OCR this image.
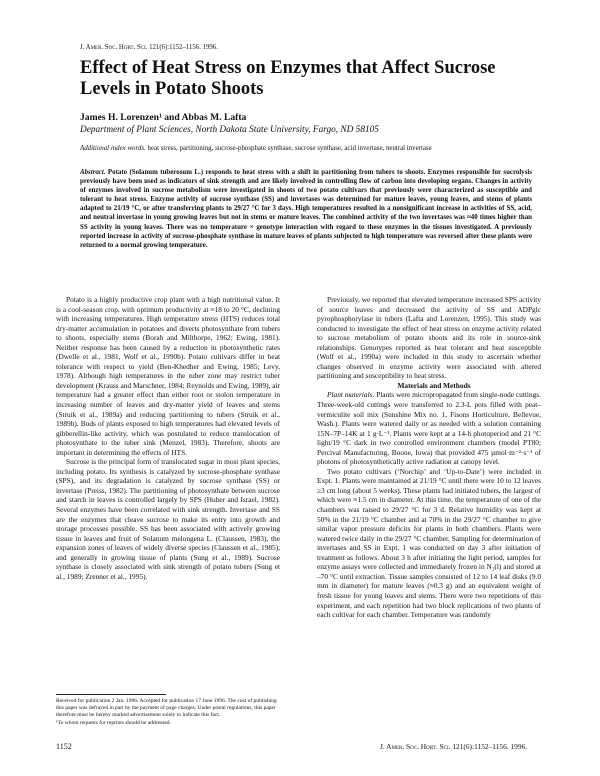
J. Amer. Soc. Hort. Sci. 121(6):1152–1156. 1996.
Effect of Heat Stress on Enzymes that Affect Sucrose Levels in Potato Shoots
James H. Lorenzen¹ and Abbas M. Lafta
Department of Plant Sciences, North Dakota State University, Fargo, ND 58105
Additional index words. heat stress, partitioning, sucrose-phosphate synthase, sucrose synthase, acid invertase, neutral invertase
Abstract. Potato (Solanum tuberosum L.) responds to heat stress with a shift in partitioning from tubers to shoots. Enzymes responsible for sucrolysis previously have been used as indicators of sink strength and are likely involved in controlling flow of carbon into developing organs. Changes in activity of enzymes involved in sucrose metabolism were investigated in shoots of two potato cultivars that previously were characterized as susceptible and tolerant to heat stress. Enzyme activity of sucrose synthase (SS) and invertases was determined for mature leaves, young leaves, and stems of plants adapted to 21/19 °C, or after transferring plants to 29/27 °C for 3 days. High temperatures resulted in a nonsignificant increase in activities of SS, acid, and neutral invertase in young growing leaves but not in stems or mature leaves. The combined activity of the two invertases was ≈40 times higher than SS activity in young leaves. There was no temperature × genotype interaction with regard to these enzymes in the tissues investigated. A previously reported increase in activity of sucrose-phosphate synthase in mature leaves of plants subjected to high temperature was reversed after these plants were returned to a normal growing temperature.

Potato is a highly productive crop plant with a high nutritional value. It is a cool-season crop, with optimum productivity at ≈18 to 20 °C, declining with increasing temperatures. High temperature stress (HTS) reduces total dry-matter accumulation in potatoes and diverts photosynthate from tubers to shoots, especially stems (Borah and Milthorpe, 1962; Ewing, 1981). Neither response has been caused by a reduction in photosynthetic rates (Dwelle et al., 1981, Wolf et al., 1990b). Potato cultivars differ in heat tolerance with respect to yield (Ben-Khedher and Ewing, 1985; Levy, 1978). Although high temperatures in the tuber zone may restrict tuber development (Krauss and Marschner, 1984; Reynolds and Ewing, 1989), air temperature had a greater effect than either root or stolon temperature in increasing number of leaves and dry-matter yield of leaves and stems (Struik et al., 1989a) and reducing partitioning to tubers (Struik et al., 1989b). Buds of plants exposed to high temperatures had elevated levels of gibberellin-like activity, which was postulated to reduce translocation of photosynthate to the tuber sink (Menzel, 1983). Therefore, shoots are important in determining the effects of HTS.

Sucrose is the principal form of translocated sugar in most plant species, including potato. Its synthesis is catalyzed by sucrose-phosphate synthase (SPS), and its degradation is catalyzed by sucrose synthase (SS) or invertase (Preiss, 1982). The partitioning of photosynthate between sucrose and starch in leaves is controlled largely by SPS (Huber and Israel, 1982). Several enzymes have been correlated with sink strength. Invertase and SS are the enzymes that cleave sucrose to make its entry into growth and storage processes possible. SS has been associated with actively growing tissue in leaves and fruit of Solanum melongena L. (Claussen, 1983), the expansion zones of leaves of widely diverse species (Claussen et al., 1985), and generally in growing tissue of plants (Sung et al., 1989). Sucrose synthase is closely associated with sink strength of potato tubers (Sung et al., 1989; Zrenner et al., 1995).

Previously, we reported that elevated temperature increased SPS activity of source leaves and decreased the activity of SS and ADPglc pyrophosphorylase in tubers (Lafta and Lorenzen, 1995). This study was conducted to investigate the effect of heat stress on enzyme activity related to sucrose metabolism of potato shoots and its role in source-sink relationships. Genotypes reported as heat tolerant and heat susceptible (Wolf et al., 1990a) were included in this study to ascertain whether changes observed in enzyme activity were associated with altered partitioning and susceptibility to heat stress.

Materials and Methods

Plant materials. Plants were micropropagated from single-node cuttings. Three-week-old cuttings were transferred to 2.3-L pots filled with peat–vermiculite soil mix (Sunshine Mix no. 1, Fisons Horticulture, Bellevue, Wash.). Plants were watered daily or as needed with a solution containing 15N–7P–14K at 1 g·L⁻¹. Plants were kept at a 14-h photoperiod and 21 °C light/19 °C dark in two controlled environment chambers (model PT80; Percival Manufacturing, Boone, Iowa) that provided 475 µmol·m⁻²·s⁻¹ of photons of photosynthetically active radiation at canopy level.

Two potato cultivars (‘Norchip’ and ‘Up-to-Date’) were included in Expt. 1. Plants were maintained at 21/19 °C until there were 10 to 12 leaves ≥3 cm long (about 5 weeks). These plants had initiated tubers, the largest of which were ≈1.5 cm in diameter. At this time, the temperature of one of the chambers was raised to 29/27 °C for 3 d. Relative humidity was kept at 50% in the 21/19 °C chamber and at 70% in the 29/27 °C chamber to give similar vapor pressure deficits for plants in both chambers. Plants were watered twice daily in the 29/27 °C chamber. Sampling for determination of invertases and SS in Expt. 1 was conducted on day 3 after initiation of treatment as follows. About 3 h after initiating the light period, samples for enzyme assays were collected and immediately frozen in N₂(l) and stored at –70 °C until extraction. Tissue samples consisted of 12 to 14 leaf disks (9.0 mm in diameter) for mature leaves (≈0.3 g) and an equivalent weight of fresh tissue for young leaves and stems. There were two repetitions of this experiment, and each repetition had two block replications of two plants of each cultivar for each chamber. Temperature was randomly

Received for publication 2 Jan. 1996. Accepted for publication 17 June 1996. The cost of publishing this paper was defrayed in part by the payment of page charges. Under postal regulations, this paper therefore must be hereby marked advertisement solely to indicate this fact.

¹To whom requests for reprints should be addressed.

1152	J. Amer. Soc. Hort. Sci. 121(6):1152–1156. 1996.
